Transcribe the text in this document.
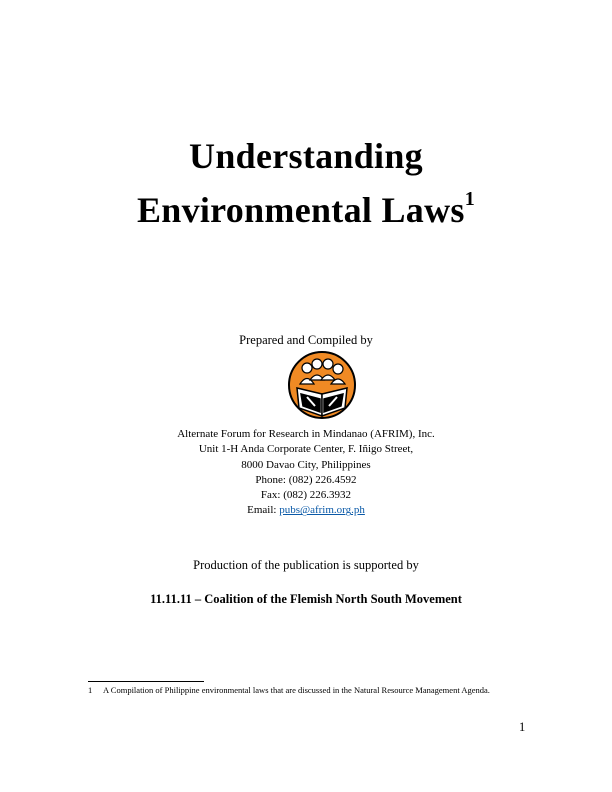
Understanding
Environmental Laws$^1$
Prepared and Compiled by
Alternate Forum for Research in Mindanao (AFRIM), Inc.
Unit 1-H Anda Corporate Center, F. Iñigo Street,
8000 Davao City, Philippines
Phone: (082) 226.4592
Fax: (082) 226.3932
Email: pubs@afrim.org.ph
Production of the publication is supported by
11.11.11 – Coalition of the Flemish North South Movement
1 A Compilation of Philippine environmental laws that are discussed in the Natural Resource Management Agenda.
1
